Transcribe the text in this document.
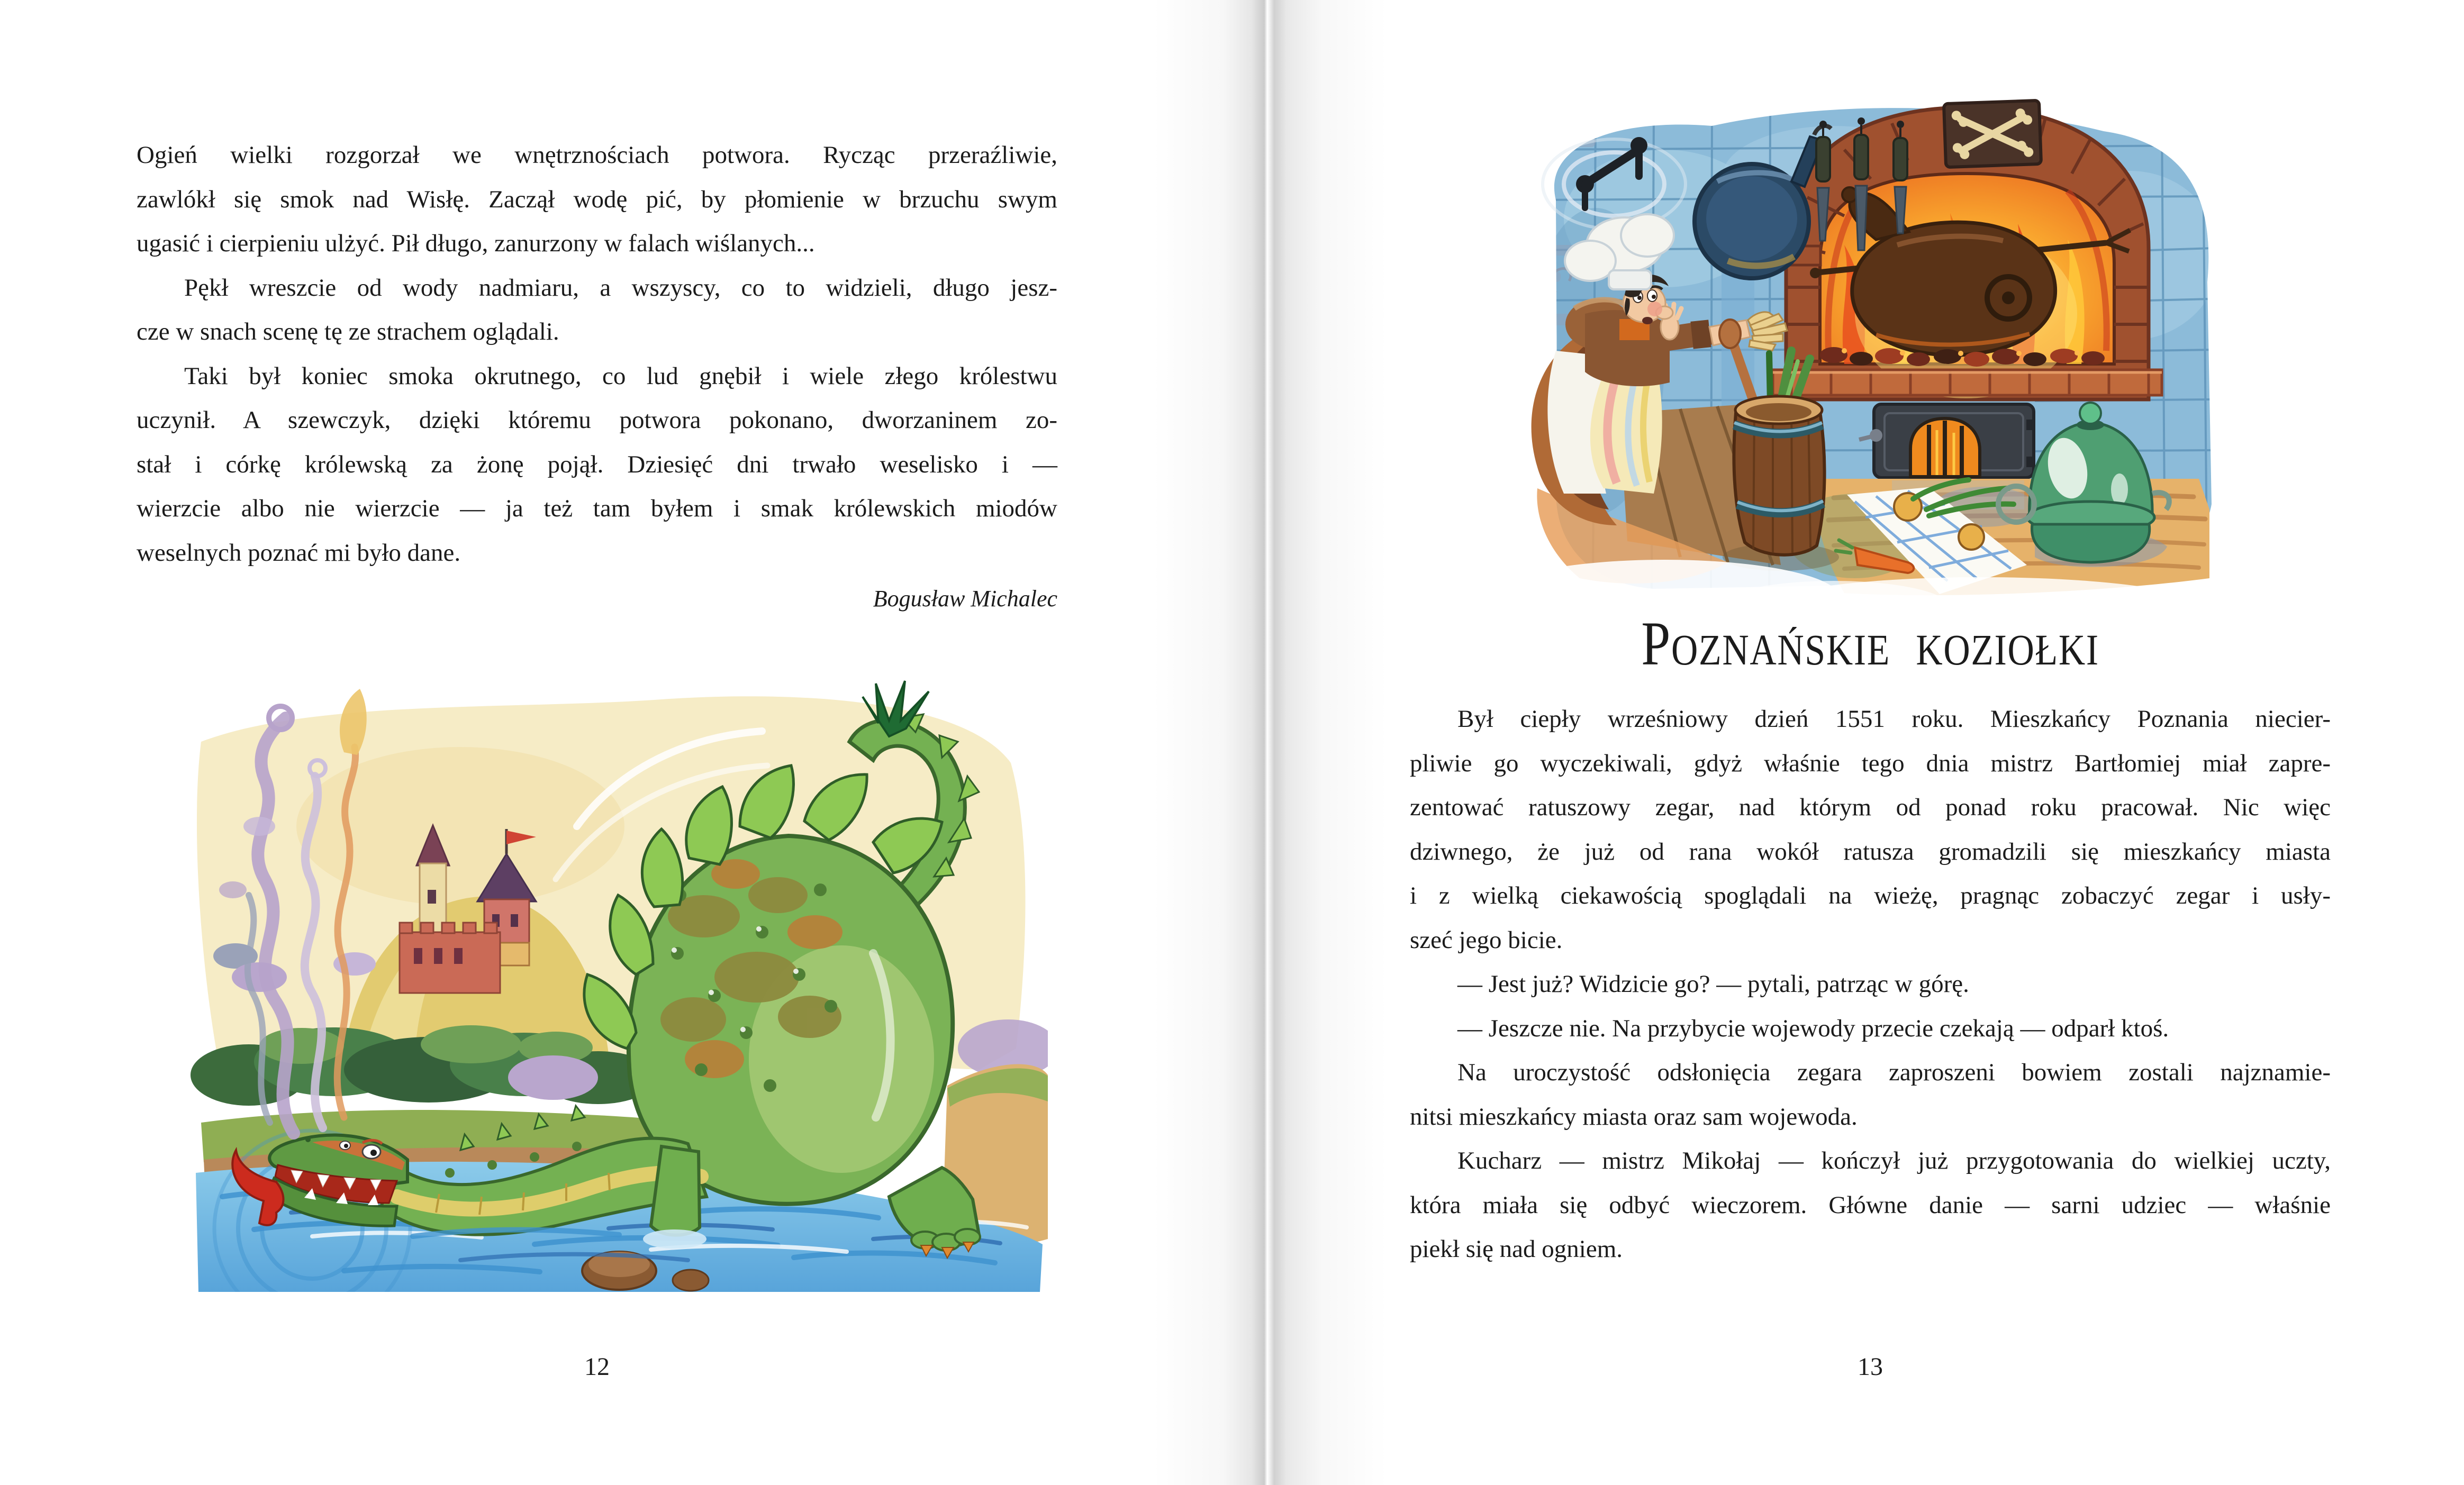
Ogień wielki rozgorzał we wnętrznościach potwora. Rycząc przeraźliwie,
zawlókł się smok nad Wisłę. Zaczął wodę pić, by płomienie w brzuchu swym
ugasić i cierpieniu ulżyć. Pił długo, zanurzony w falach wiślanych...
Pękł wreszcie od wody nadmiaru, a wszyscy, co to widzieli, długo jesz-
cze w snach scenę tę ze strachem oglądali.
Taki był koniec smoka okrutnego, co lud gnębił i wiele złego królestwu
uczynił. A szewczyk, dzięki któremu potwora pokonano, dworzaninem zo-
stał i córkę królewską za żonę pojął. Dziesięć dni trwało weselisko i —
wierzcie albo nie wierzcie — ja też tam byłem i smak królewskich miodów
weselnych poznać mi było dane.
Bogusław Michalec
12
Poznańskie koziołki
Był ciepły wrześniowy dzień 1551 roku. Mieszkańcy Poznania niecier-
pliwie go wyczekiwali, gdyż właśnie tego dnia mistrz Bartłomiej miał zapre-
zentować ratuszowy zegar, nad którym od ponad roku pracował. Nic więc
dziwnego, że już od rana wokół ratusza gromadzili się mieszkańcy miasta
i z wielką ciekawością spoglądali na wieżę, pragnąc zobaczyć zegar i usły-
szeć jego bicie.
— Jest już? Widzicie go? — pytali, patrząc w górę.
— Jeszcze nie. Na przybycie wojewody przecie czekają — odparł ktoś.
Na uroczystość odsłonięcia zegara zaproszeni bowiem zostali najznamie-
nitsi mieszkańcy miasta oraz sam wojewoda.
Kucharz — mistrz Mikołaj — kończył już przygotowania do wielkiej uczty,
która miała się odbyć wieczorem. Główne danie — sarni udziec — właśnie
piekł się nad ogniem.
13
